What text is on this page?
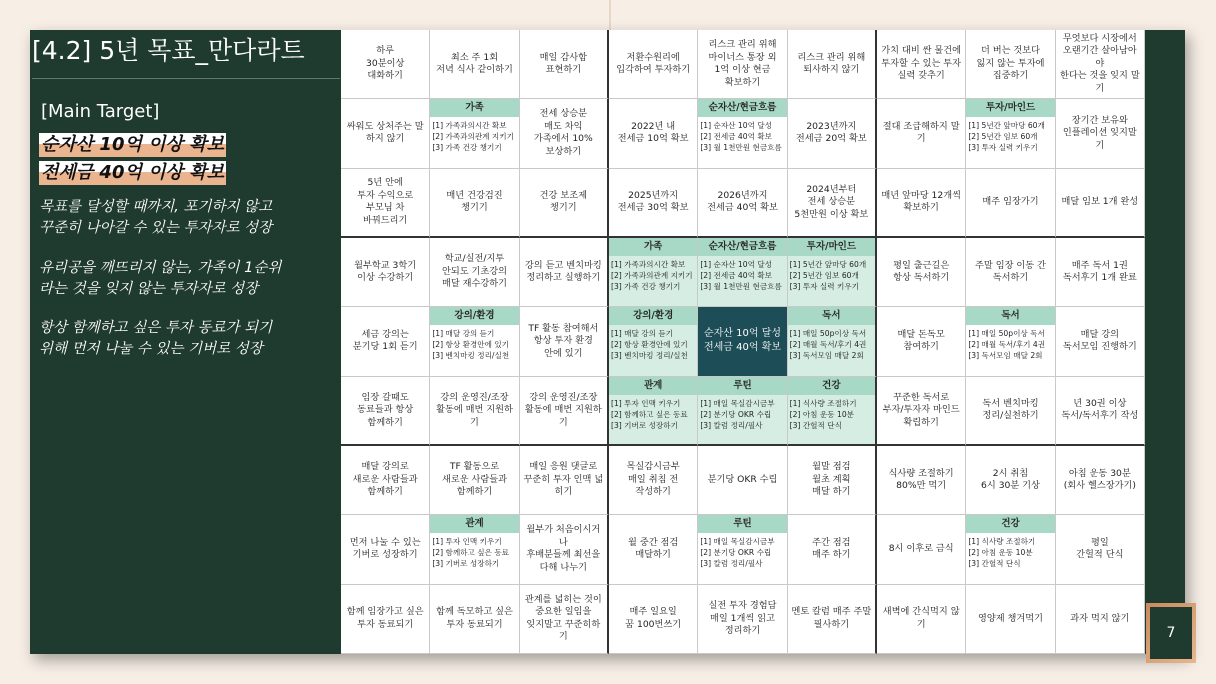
[4.2] 5년 목표_만다라트
[Main Target]
순자산 10억 이상 확보
전세금 40억 이상 확보
목표를 달성할 때까지, 포기하지 않고
꾸준히 나아갈 수 있는 투자자로 성장
유리공을 깨뜨리지 않는, 가족이 1순위
라는 것을 잊지 않는 투자자로 성장
항상 함께하고 싶은 투자 동료가 되기
위해 먼저 나눌 수 있는 기버로 성장
하루
30분이상
대화하기
최소 주 1회
저녁 식사 같이하기
매일 감사함
표현하기
저환수원리에
입각하여 투자하기
리스크 관리 위해
마이너스 통장 외
1억 이상 현금
확보하기
리스크 관리 위해
퇴사하지 않기
가치 대비 싼 물건에
투자할 수 있는 투자
실력 갖추기
더 버는 것보다
잃지 않는 투자에
집중하기
무엇보다 시장에서
오랜기간 살아남아야
한다는 것을 잊지 말
기
싸워도 상처주는 말
하지 않기
가족
[1] 가족과의시간 확보
[2] 가족과의관계 지키기
[3] 가족 건강 챙기기
전세 상승분
매도 차익
가족에서 10%
보상하기
2022년 내
전세금 10억 확보
순자산/현금흐름
[1] 순자산 10억 달성
[2] 전세금 40억 확보
[3] 월 1천만원 현금흐름
2023년까지
전세금 20억 확보
절대 조급해하지 말
기
투자/마인드
[1] 5년간 앞마당 60개
[2] 5년간 임보 60개
[3] 투자 실력 키우기
장기간 보유와
인플레이션 잊지말기
5년 안에
투자 수익으로
부모님 차
바꿔드리기
매년 건강검진
챙기기
건강 보조제
챙기기
2025년까지
전세금 30억 확보
2026년까지
전세금 40억 확보
2024년부터
전세 상승분
5천만원 이상 확보
매년 앞마당 12개씩
확보하기
매주 임장가기 매달 임보 1개 완성
월부학교 3학기
이상 수강하기
학교/실전/지투
안되도 기초강의
매달 재수강하기
강의 듣고 벤치마킹
정리하고 실행하기
가족
[1] 가족과의시간 확보
[2] 가족과의관계 지키기
[3] 가족 건강 챙기기
순자산/현금흐름
[1] 순자산 10억 달성
[2] 전세금 40억 확보
[3] 월 1천만원 현금흐름
투자/마인드
[1] 5년간 앞마당 60개
[2] 5년간 임보 60개
[3] 투자 실력 키우기
평일 출근길은
항상 독서하기
주말 임장 이동 간
독서하기
매주 독서 1권
독서후기 1개 완료
세금 강의는
분기당 1회 듣기
강의/환경
[1] 매달 강의 듣기
[2] 항상 환경안에 있기
[3] 벤치마킹 정리/실천
TF 활동 참여해서
항상 투자 환경
안에 있기
강의/환경
[1] 매달 강의 듣기
[2] 항상 환경안에 있기
[3] 벤치마킹 정리/실천
순자산 10억 달성
전세금 40억 확보
독서
[1] 매일 50p이상 독서
[2] 매월 독서/후기 4권
[3] 독서모임 매달 2회
매달 돈독모
참여하기
독서
[1] 매일 50p이상 독서
[2] 매월 독서/후기 4권
[3] 독서모임 매달 2회
매달 강의
독서모임 진행하기
임장 갈때도
동료들과 항상
함께하기
강의 운영진/조장
활동에 매번 지원하
기
강의 운영진/조장
활동에 매번 지원하
기
관계
[1] 투자 인맥 키우기
[2] 함께하고 싶은 동료
[3] 기버로 성장하기
루틴
[1] 매일 목실감시금부
[2] 분기당 OKR 수립
[3] 칼럼 정리/필사
건강
[1] 식사량 조절하기
[2] 아침 운동 10분
[3] 간헐적 단식
꾸준한 독서로
부자/투자자 마인드
확립하기
독서 벤치마킹
정리/실천하기
년 30권 이상
독서/독서후기 작성
매달 강의로
새로운 사람들과
함께하기
TF 활동으로
새로운 사람들과
함께하기
매일 응원 댓글로
꾸준히 투자 인맥 넓
히기
목실감시금부
매일 취침 전
작성하기
분기당 OKR 수립
월말 점검
월초 계획
매달 하기
식사량 조절하기
80%만 먹기
2시 취침
6시 30분 기상
아침 운동 30분
(회사 헬스장가기)
먼저 나눌 수 있는
기버로 성장하기
관계
[1] 투자 인맥 키우기
[2] 함께하고 싶은 동료
[3] 기버로 성장하기
월부가 처음이시거나
후배분들께 최선을
다해 나누기
월 중간 점검
매달하기
루틴
[1] 매일 목실감시금부
[2] 분기당 OKR 수립
[3] 칼럼 정리/필사
주간 점검
매주 하기
8시 이후로 금식
건강
[1] 식사량 조절하기
[2] 아침 운동 10분
[3] 간헐적 단식
평일
간헐적 단식
함께 임장가고 싶은
투자 동료되기
함께 독모하고 싶은
투자 동료되기
관계를 넓히는 것이
중요한 일임을
잊지말고 꾸준히하기
매주 일요일
꿈 100번쓰기
실전 투자 경험담
매일 1개씩 읽고
정리하기
멘토 칼럼 매주 주말
필사하기
새벽에 간식먹지 않
기
영양제 챙겨먹기	과자 먹지 않기
7
